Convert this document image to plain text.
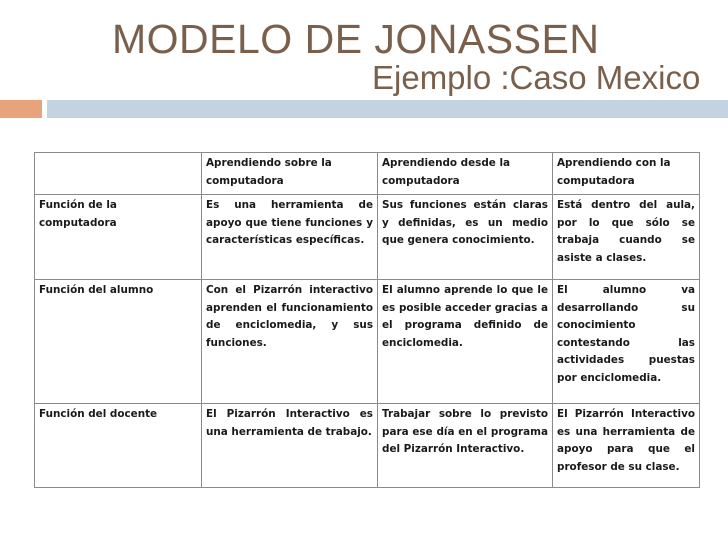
MODELO DE JONASSEN
Ejemplo :Caso Mexico
	Aprendiendo sobre la computadora	Aprendiendo desde la computadora	Aprendiendo con la computadora
Función de la computadora	Es una herramienta de apoyo que tiene funciones y características específicas.	Sus funciones están claras y definidas, es un medio que genera conocimiento.	Está dentro del aula, por lo que sólo se trabaja cuando se asiste a clases.
Función del alumno	Con el Pizarrón interactivo aprenden el funcionamiento de enciclomedia, y sus funciones.	El alumno aprende lo que le es posible acceder gracias a el programa definido de enciclomedia.	El alumno va desarrollando su conocimiento contestando las actividades puestas por enciclomedia.
Función del docente	El Pizarrón Interactivo es una herramienta de trabajo.	Trabajar sobre lo previsto para ese día en el programa del Pizarrón Interactivo.	El Pizarrón Interactivo es una herramienta de apoyo para que el profesor de su clase.
